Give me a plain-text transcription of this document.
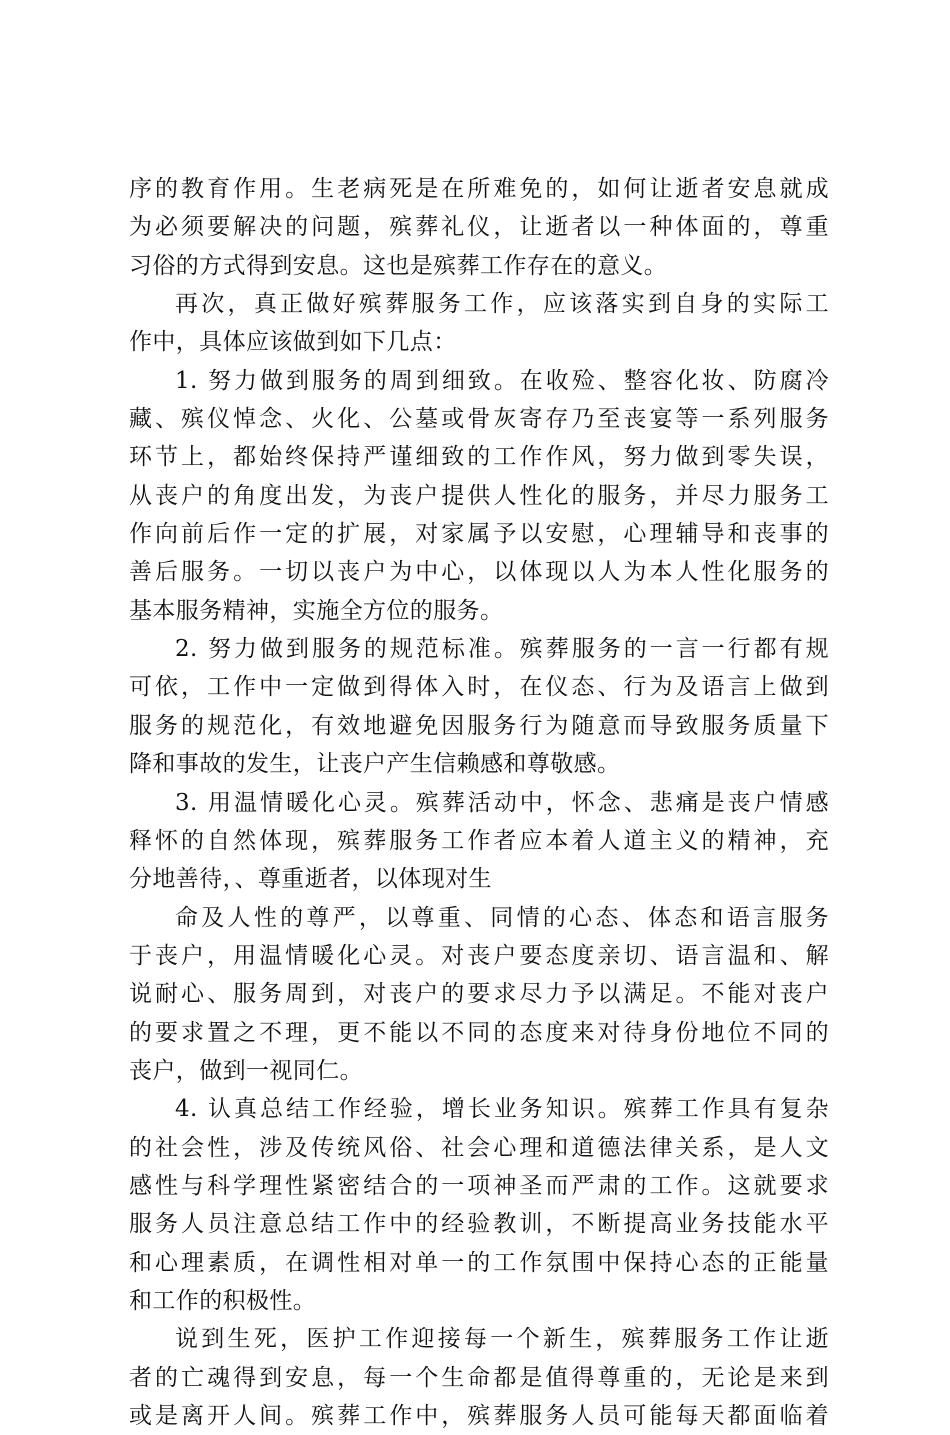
序的教育作用。生老病死是在所难免的，如何让逝者安息就成
为必须要解决的问题，殡葬礼仪，让逝者以一种体面的，尊重
习俗的方式得到安息。这也是殡葬工作存在的意义。
再次，真正做好殡葬服务工作，应该落实到自身的实际工
作中，具体应该做到如下几点：
1. 努力做到服务的周到细致。在收殓、整容化妆、防腐冷
藏、殡仪悼念、火化、公墓或骨灰寄存乃至丧宴等一系列服务
环节上，都始终保持严谨细致的工作作风，努力做到零失误，
从丧户的角度出发，为丧户提供人性化的服务，并尽力服务工
作向前后作一定的扩展，对家属予以安慰，心理辅导和丧事的
善后服务。一切以丧户为中心，以体现以人为本人性化服务的
基本服务精神，实施全方位的服务。
2. 努力做到服务的规范标准。殡葬服务的一言一行都有规
可依，工作中一定做到得体入时，在仪态、行为及语言上做到
服务的规范化，有效地避免因服务行为随意而导致服务质量下
降和事故的发生，让丧户产生信赖感和尊敬感。
3. 用温情暖化心灵。殡葬活动中，怀念、悲痛是丧户情感
释怀的自然体现，殡葬服务工作者应本着人道主义的精神，充
分地善待，、尊重逝者，以体现对生
命及人性的尊严，以尊重、同情的心态、体态和语言服务
于丧户，用温情暖化心灵。对丧户要态度亲切、语言温和、解
说耐心、服务周到，对丧户的要求尽力予以满足。不能对丧户
的要求置之不理，更不能以不同的态度来对待身份地位不同的
丧户，做到一视同仁。
4. 认真总结工作经验，增长业务知识。殡葬工作具有复杂
的社会性，涉及传统风俗、社会心理和道德法律关系，是人文
感性与科学理性紧密结合的一项神圣而严肃的工作。这就要求
服务人员注意总结工作中的经验教训，不断提高业务技能水平
和心理素质，在调性相对单一的工作氛围中保持心态的正能量
和工作的积极性。
说到生死，医护工作迎接每一个新生，殡葬服务工作让逝
者的亡魂得到安息，每一个生命都是值得尊重的，无论是来到
或是离开人间。殡葬工作中，殡葬服务人员可能每天都面临着
